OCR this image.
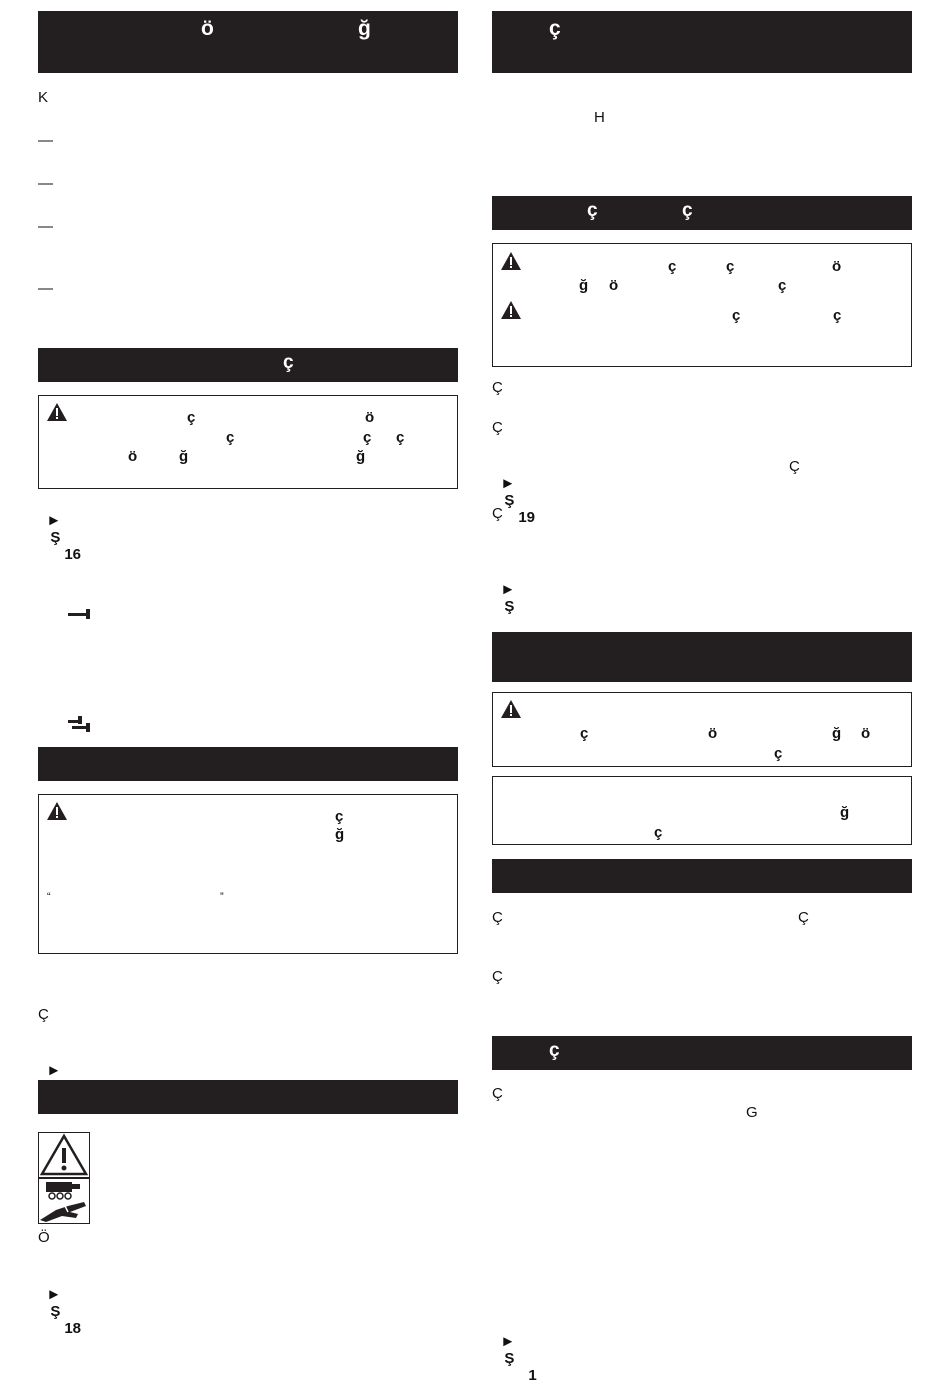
ö	ğ
K
—
—
—
—
ç
ç	ö
ç	ç ç
ö	ğ	ğ

►
Ş
16

ç
ğ
“	”
Ç

►

Ö

►
Ş
18

ç
H
ç	ç
ç	ç	ö
ğ ö	ç
ç	ç
Ç
Ç

►
Ş
19

Ç
Ç

►
Ş

ç	ö	ğ ö
ç
ğ
ç
Ç	Ç
Ç
ç
Ç
G

►
Ş
1
